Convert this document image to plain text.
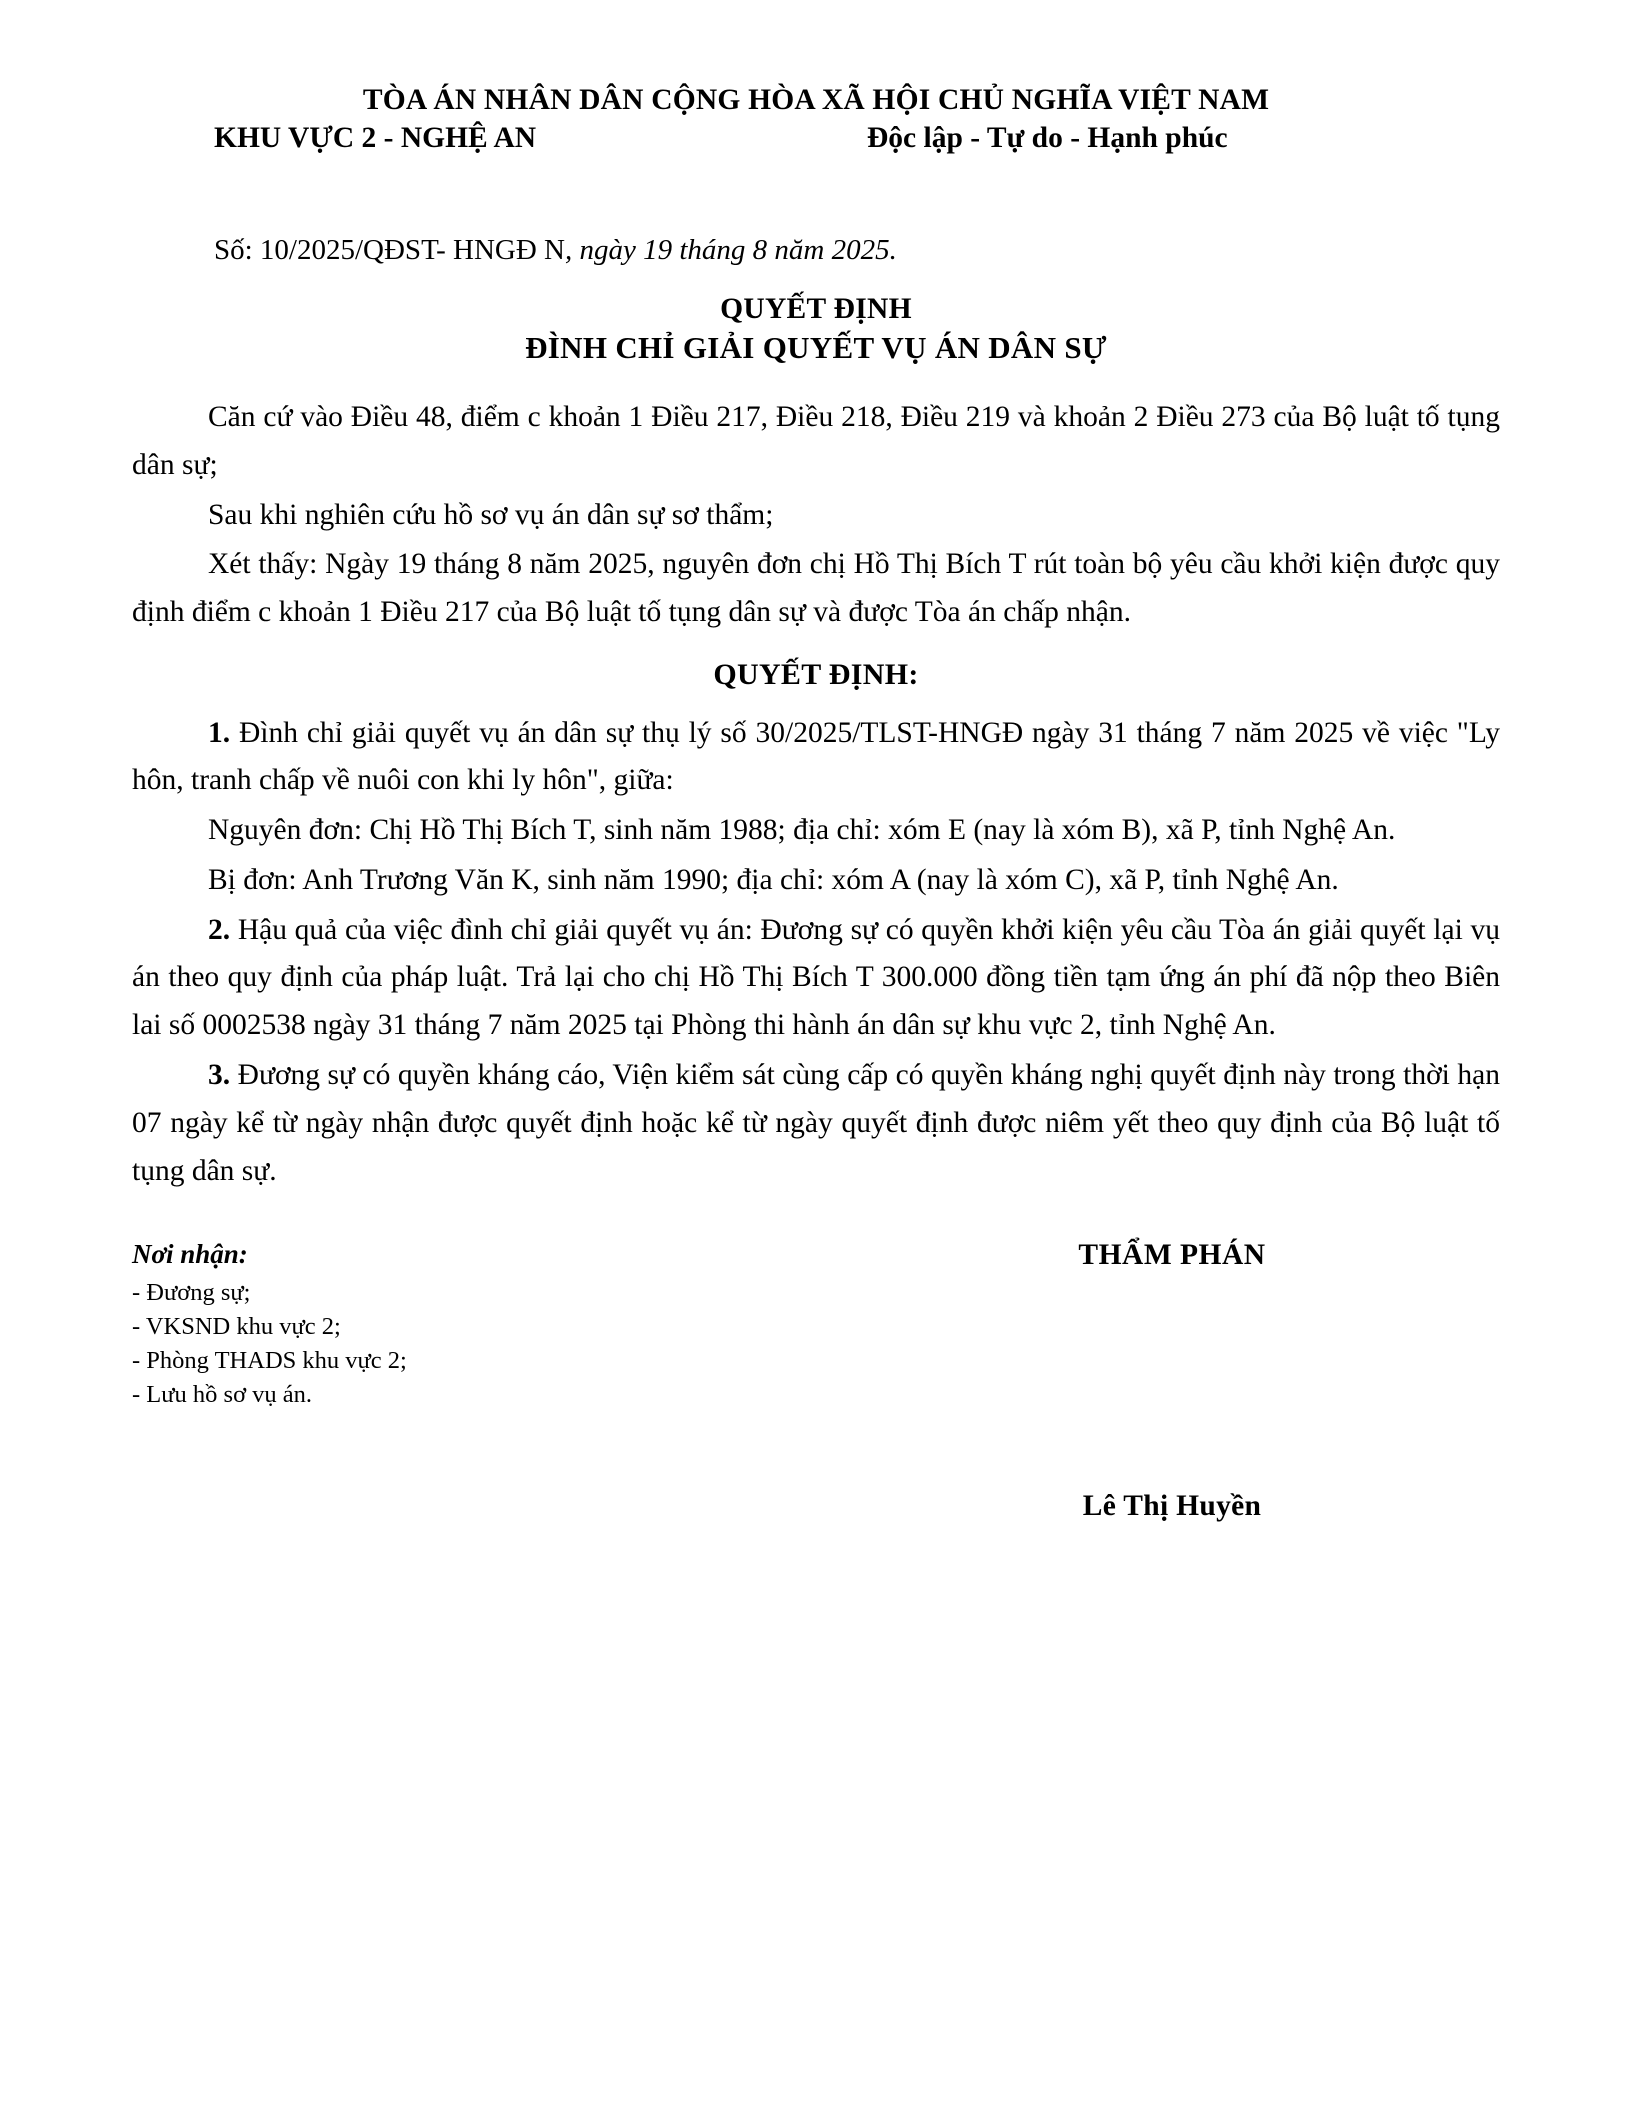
TÒA ÁN NHÂN DÂN CỘNG HÒA XÃ HỘI CHỦ NGHĨA VIỆT NAM
KHU VỰC 2 - NGHỆ AN	Độc lập - Tự do - Hạnh phúc
Số: 10/2025/QĐST- HNGĐ N, ngày 19 tháng 8 năm 2025.
QUYẾT ĐỊNH
ĐÌNH CHỈ GIẢI QUYẾT VỤ ÁN DÂN SỰ

Căn cứ vào Điều 48, điểm c khoản 1 Điều 217, Điều 218, Điều 219 và khoản 2 Điều 273 của Bộ luật tố tụng dân sự;

Sau khi nghiên cứu hồ sơ vụ án dân sự sơ thẩm;

Xét thấy: Ngày 19 tháng 8 năm 2025, nguyên đơn chị Hồ Thị Bích T rút toàn bộ yêu cầu khởi kiện được quy định điểm c khoản 1 Điều 217 của Bộ luật tố tụng dân sự và được Tòa án chấp nhận.

QUYẾT ĐỊNH:

1. Đình chỉ giải quyết vụ án dân sự thụ lý số 30/2025/TLST-HNGĐ ngày 31 tháng 7 năm 2025 về việc "Ly hôn, tranh chấp về nuôi con khi ly hôn", giữa:

Nguyên đơn: Chị Hồ Thị Bích T, sinh năm 1988; địa chỉ: xóm E (nay là xóm B), xã P, tỉnh Nghệ An.

Bị đơn: Anh Trương Văn K, sinh năm 1990; địa chỉ: xóm A (nay là xóm C), xã P, tỉnh Nghệ An.

2. Hậu quả của việc đình chỉ giải quyết vụ án: Đương sự có quyền khởi kiện yêu cầu Tòa án giải quyết lại vụ án theo quy định của pháp luật. Trả lại cho chị Hồ Thị Bích T 300.000 đồng tiền tạm ứng án phí đã nộp theo Biên lai số 0002538 ngày 31 tháng 7 năm 2025 tại Phòng thi hành án dân sự khu vực 2, tỉnh Nghệ An.

3. Đương sự có quyền kháng cáo, Viện kiểm sát cùng cấp có quyền kháng nghị quyết định này trong thời hạn 07 ngày kể từ ngày nhận được quyết định hoặc kể từ ngày quyết định được niêm yết theo quy định của Bộ luật tố tụng dân sự.

Nơi nhận:
- Đương sự;
- VKSND khu vực 2;
- Phòng THADS khu vực 2;
- Lưu hồ sơ vụ án.
THẨM PHÁN
Lê Thị Huyền
